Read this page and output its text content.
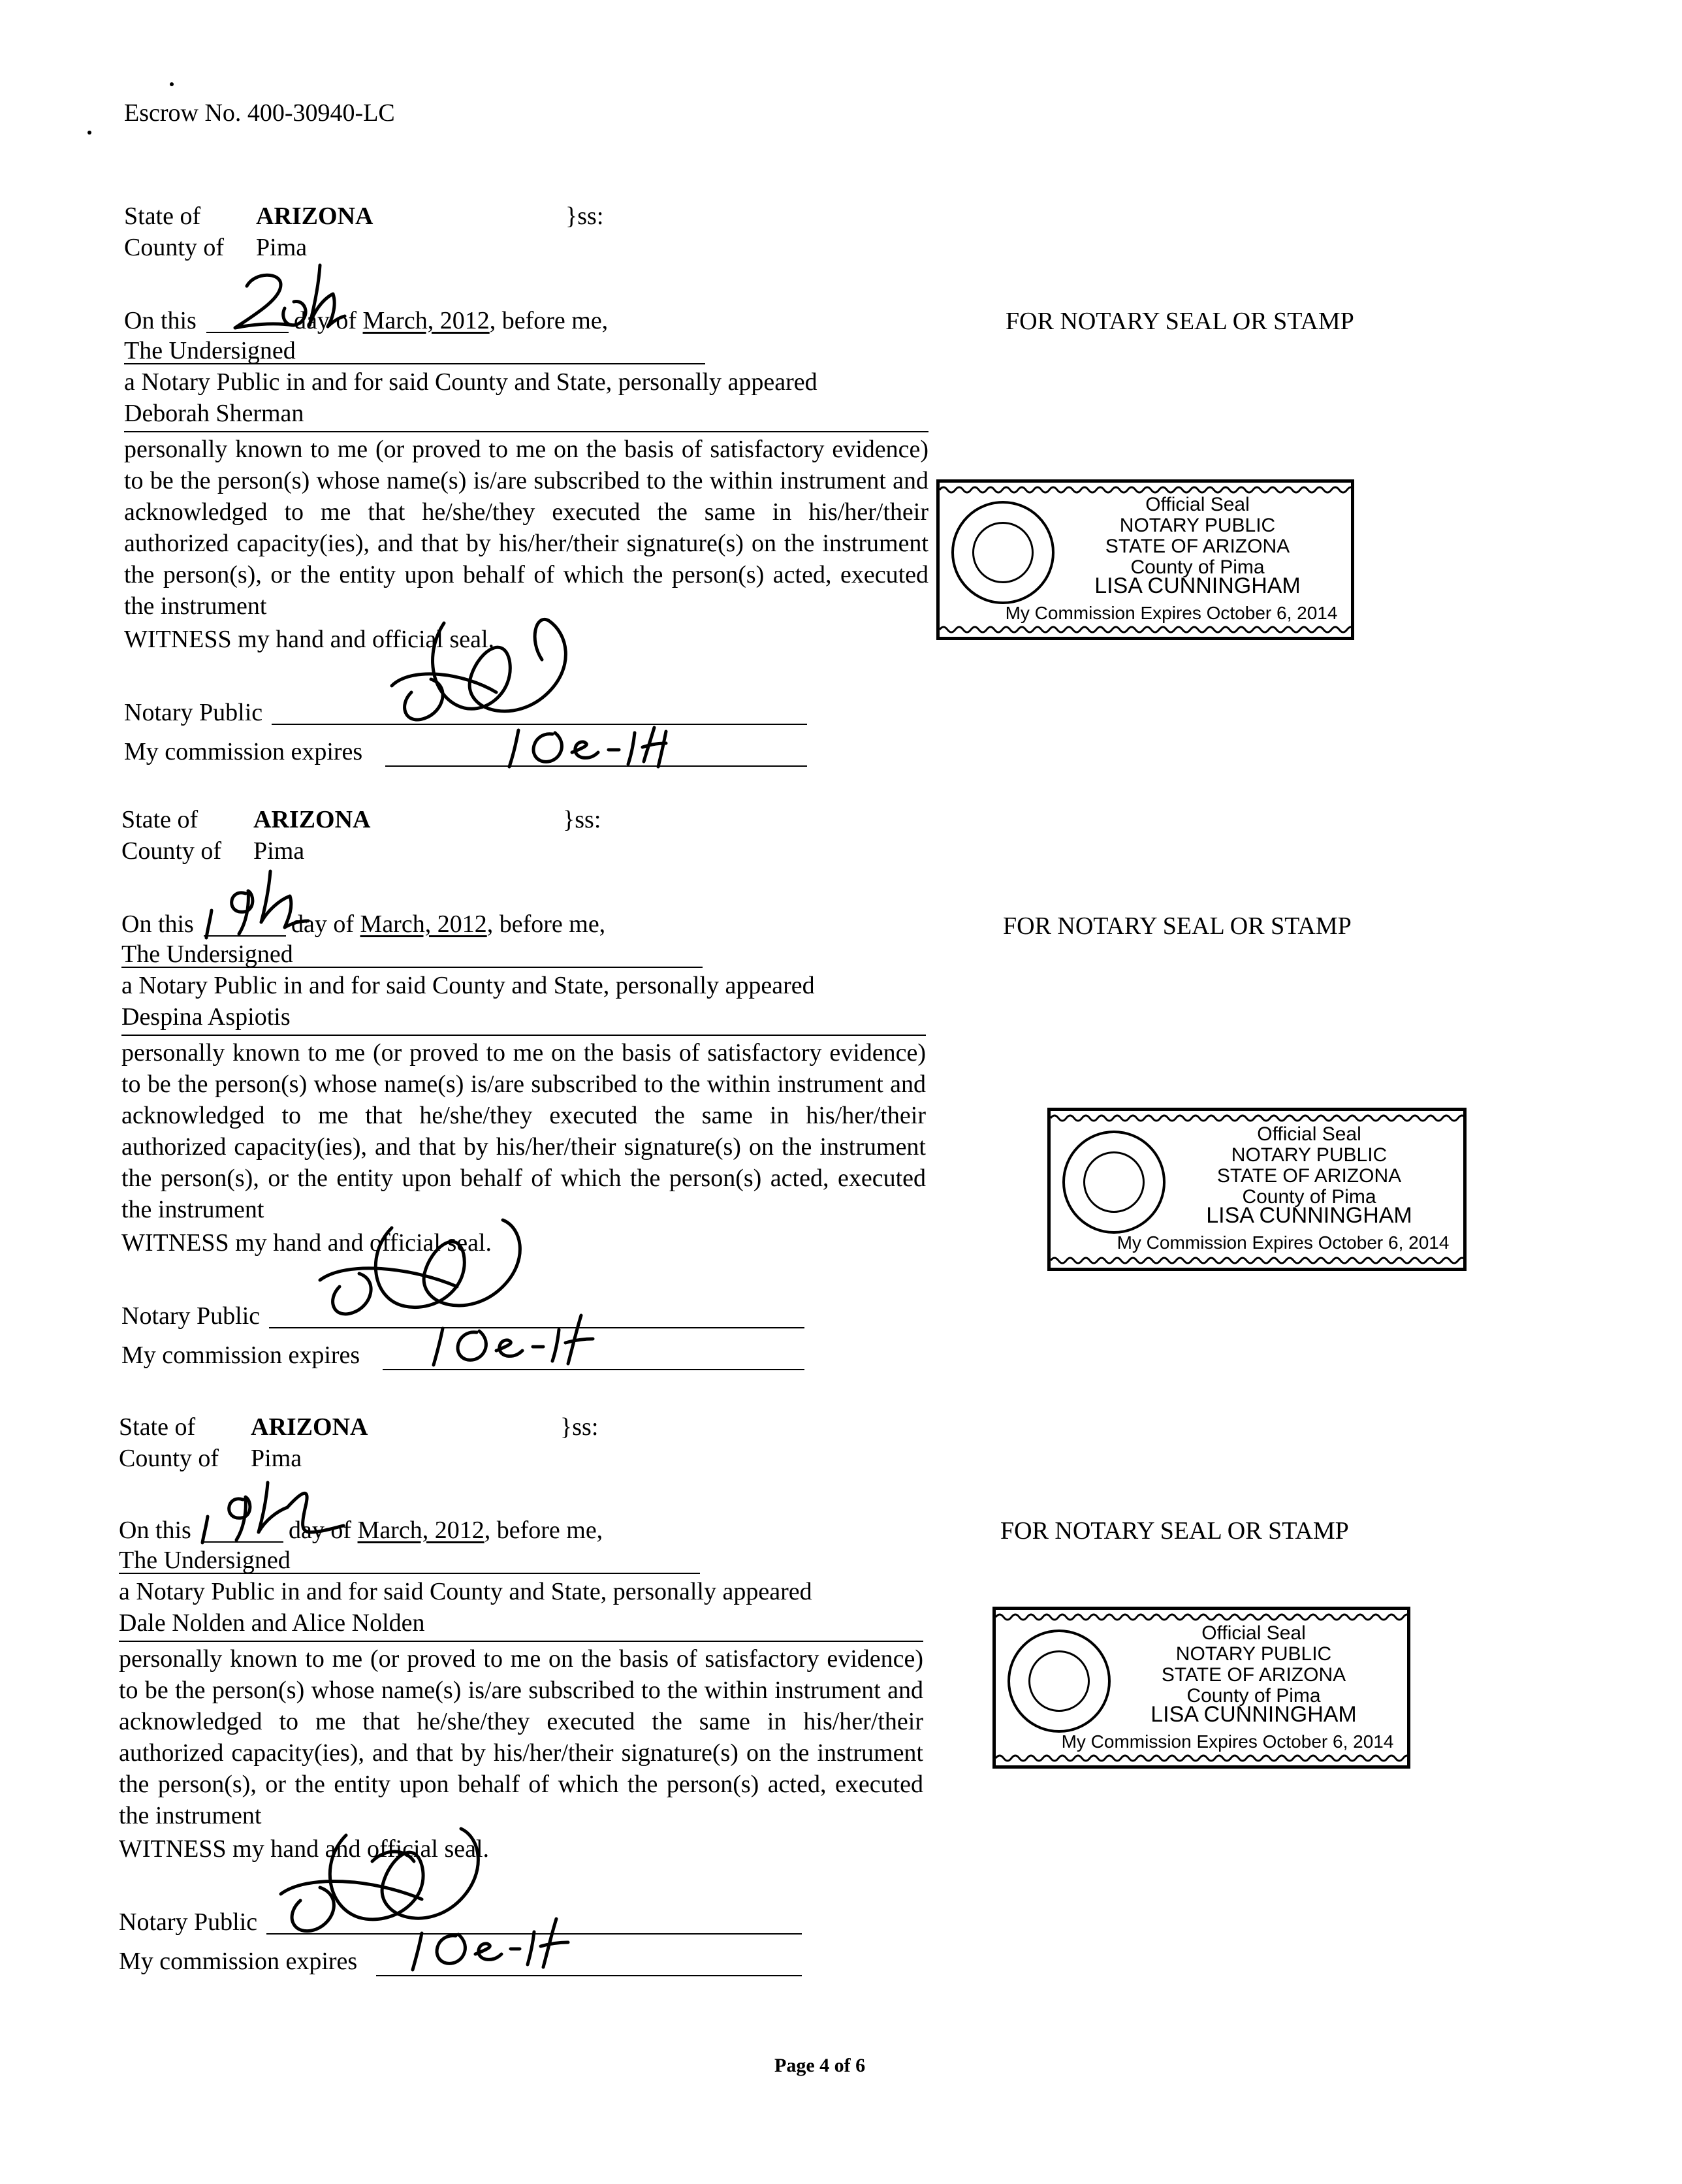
Escrow No. 400-30940-LC
State of ARIZONA	}ss:
County of Pima
On this	day of March, 2012, before me,
The Undersigned
a Notary Public in and for said County and State, personally appeared
Deborah Sherman
personally known to me (or proved to me on the basis of satisfactory evidence) to be the person(s) whose name(s) is/are subscribed to the within instrument and acknowledged to me that he/she/they executed the same in his/her/their authorized capacity(ies), and that by his/her/their signature(s) on the instrument the person(s), or the entity upon behalf of which the person(s) acted, executed the instrument
WITNESS my hand and official seal.
Notary Public
My commission expires
FOR NOTARY SEAL OR STAMP
Official Seal
NOTARY PUBLIC
STATE OF ARIZONA
County of Pima
LISA CUNNINGHAM
My Commission Expires October 6, 2014
State of ARIZONA	}ss:
County of Pima
On this	day of March, 2012, before me,
The Undersigned
a Notary Public in and for said County and State, personally appeared
Despina Aspiotis
personally known to me (or proved to me on the basis of satisfactory evidence) to be the person(s) whose name(s) is/are subscribed to the within instrument and acknowledged to me that he/she/they executed the same in his/her/their authorized capacity(ies), and that by his/her/their signature(s) on the instrument the person(s), or the entity upon behalf of which the person(s) acted, executed the instrument
WITNESS my hand and official seal.
Notary Public
My commission expires
FOR NOTARY SEAL OR STAMP
Official Seal
NOTARY PUBLIC
STATE OF ARIZONA
County of Pima
LISA CUNNINGHAM
My Commission Expires October 6, 2014
State of ARIZONA	}ss:
County of Pima
On this	day of March, 2012, before me,
The Undersigned
a Notary Public in and for said County and State, personally appeared
Dale Nolden and Alice Nolden
personally known to me (or proved to me on the basis of satisfactory evidence) to be the person(s) whose name(s) is/are subscribed to the within instrument and acknowledged to me that he/she/they executed the same in his/her/their authorized capacity(ies), and that by his/her/their signature(s) on the instrument the person(s), or the entity upon behalf of which the person(s) acted, executed the instrument
WITNESS my hand and official seal.
Notary Public
My commission expires
FOR NOTARY SEAL OR STAMP
Official Seal
NOTARY PUBLIC
STATE OF ARIZONA
County of Pima
LISA CUNNINGHAM
My Commission Expires October 6, 2014
Page 4 of 6
